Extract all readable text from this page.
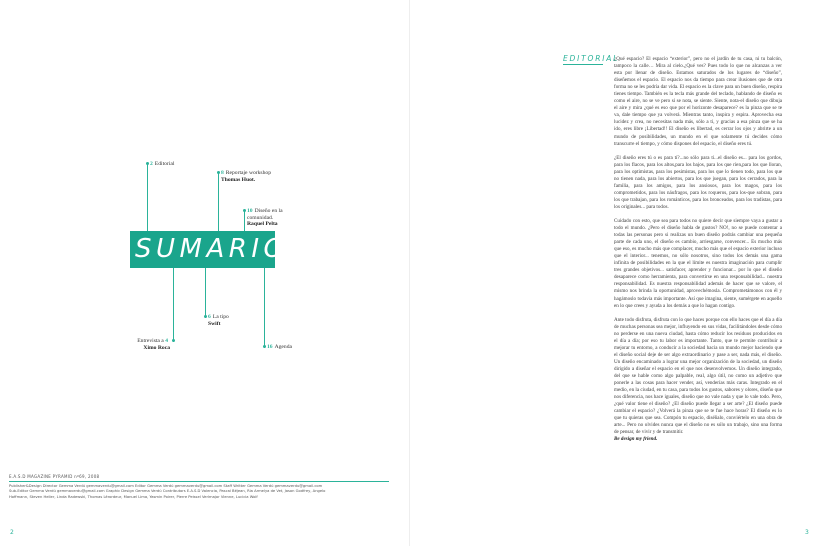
2 Editorial
8 Reportaje workshop
Thomas Huot.
10 Diseño en la comunidad.
Raquel Pelta
6 La tipo
Swift
Entrevista a 4
Ximo Roca	16 Agenda
SUMARIO
E.A.S.D MAGAZINE PYRAMID nº69, 2008
Publisher&Design Director Gemma Verdú gemmaverdu@gmail.com Editor Gemma Verdú gemmaverdu@gmail.com Staff Writter Gemma Verdú gemmaverdu@gmail.com
Sub-Editor Gemma Verdú gemmaverdu@gmail.com Graphic Design Gemma Verdú Contributors E.A.S.D Valencia, Pascal Béjean, Ria Armelya de Vet, Jason Godfrey, Angelo
Hoffmann, Steven Heller, Linda Radewski, Thomas Lérordeur, Manuel Lima, Yasmin Poirer, Pierre Peissel Verlmajor Vienne, Lucicia Wolf
2	3
EDITORIAL

¿Qué espacio? El espacio “exterior”, pero no el jardín de tu casa, ni tu balcón, tampoco la calle… Mira al cielo.¿Qué ves? Pues todo lo que no alcanzas a ver esta por llenar de diseño. Estamos saturados de los lugares de “diseño”, diseñemos el espacio. El espacio nos da tiempo para crear ilusiones que de otra forma no se les podría dar vida. El espacio es la clave para un buen diseño, respira tienes tiempo. También es la tecla más grande del teclado, hablando de diseño es como el aire, no se ve pero si se nota, se siente. Siente, nota-el diseño que dibuja el aire y mira ¿qué es eso que por el horizonte desaparece? es la pinza que se te va, dale tiempo que ya volverá. Mientras tanto, inspira y espira. Aprovecha esa lucidez y crea, no necesitas nada más, sólo a ti, y gracias a esa pinza que se ha ido, eres libre ¡Libertad!! El diseño es libertad, es cerrar los ojos y abrirte a un mundo de posibilidades, un mundo en el que solamente tú decides cómo transcurre el tiempo, y cómo dispones del espacio, el diseño eres tú.

¿El diseño eres tú o es para tí?...no sólo para ti...el diseño es... para los gordos, para los flacos, para los altos,para los bajos, para los que ríen,para los que lloran, para los optimistas, para los pesimistas, para los que lo tienen todo, para los que no tienen nada, para los abiertos, para los que juegan, para los cerrados, para la familia, para los amigos, para los ansiosos, para los magos, para los comprometidos, para los náufragos, para los roqueros, para los-que sobran, para los que trabajan, para los románticos, para los bronceados, para los tradistas, para los originales... para todos.

Cuidado con esto, que sea para todos no quiere decir que siempre vaya a gustar a todo el mundo. ¿Pero el diseño habla de gustos? NO!, no se puede contentar a todas las personas pero si realizas un buen diseño podrás cambiar una pequeña parte de cada uno, el diseño es cambio, arriesgarse, convencer... Es mucho más que eso, es mucho más que complacer, mucho más que el espacio exterior incluso que el interior... tenemos, no sólo nosotros, sino todos los demás una gama infinita de posibilidades en la que el límite es nuestra imaginación para cumplir tres grandes objetivos... satisfacer, aprender y funcionar... por lo que el diseño desaparece como herramienta, para convertirse en una responsabilidad... nuestra responsabilidad. Es nuestra responsabilidad además de hacer que se valore, el mismo nos brinda la oportunidad, aprovechémosla. Comprometámonos con él y hagámoslo todavía más importante. Así que imagina, siente, sumérgete en aquello en lo que crees y ayuda a los demás a que lo hagan contigo.

Ante todo disfruta, disfruta con lo que haces porque con ello haces que el día a día de muchas personas sea mejor, influyendo en sus vidas, facilitándoles desde cómo no perderse en una nueva ciudad, hasta cómo reducir los residuos producidos en el día a día; por eso tu labor es importante. Tanto, que te permite contribuir a mejorar tu entorno, a conducir a la sociedad hacia un mundo mejor haciendo que el diseño social deje de ser algo extraordinario y pase a ser, nada más, el diseño. Un diseño encaminado a lograr una mejor organización de la sociedad, un diseño dirigido a diseñar el espacio en el que nos desenvolvemos. Un diseño integrado, del que se hable como algo palpable, real, algo útil, no como un adjetivo que ponerle a las cosas para hacer vender, así, venderías más caras. Integrado en el medio, en la ciudad, en tu casa, para todos los gustos, sabores y olores, diseño que nos diferencia, nos hace iguales, diseño que no vale nada y que lo vale todo. Pero, ¿qué valor tiene el diseño? ¿El diseño puede llegar a ser arte? ¿El diseño puede cambiar el espacio? ¿Volverá la pinza que se te fue hace horas? El diseño es lo que tu quieras que sea. Compón tu espacio, diséñalo, conviértelo en una obra de arte... Pero no olvides nunca que el diseño no es sólo un trabajo, sino una forma de pensar, de vivir y de transmitir.

Be design my friend.
